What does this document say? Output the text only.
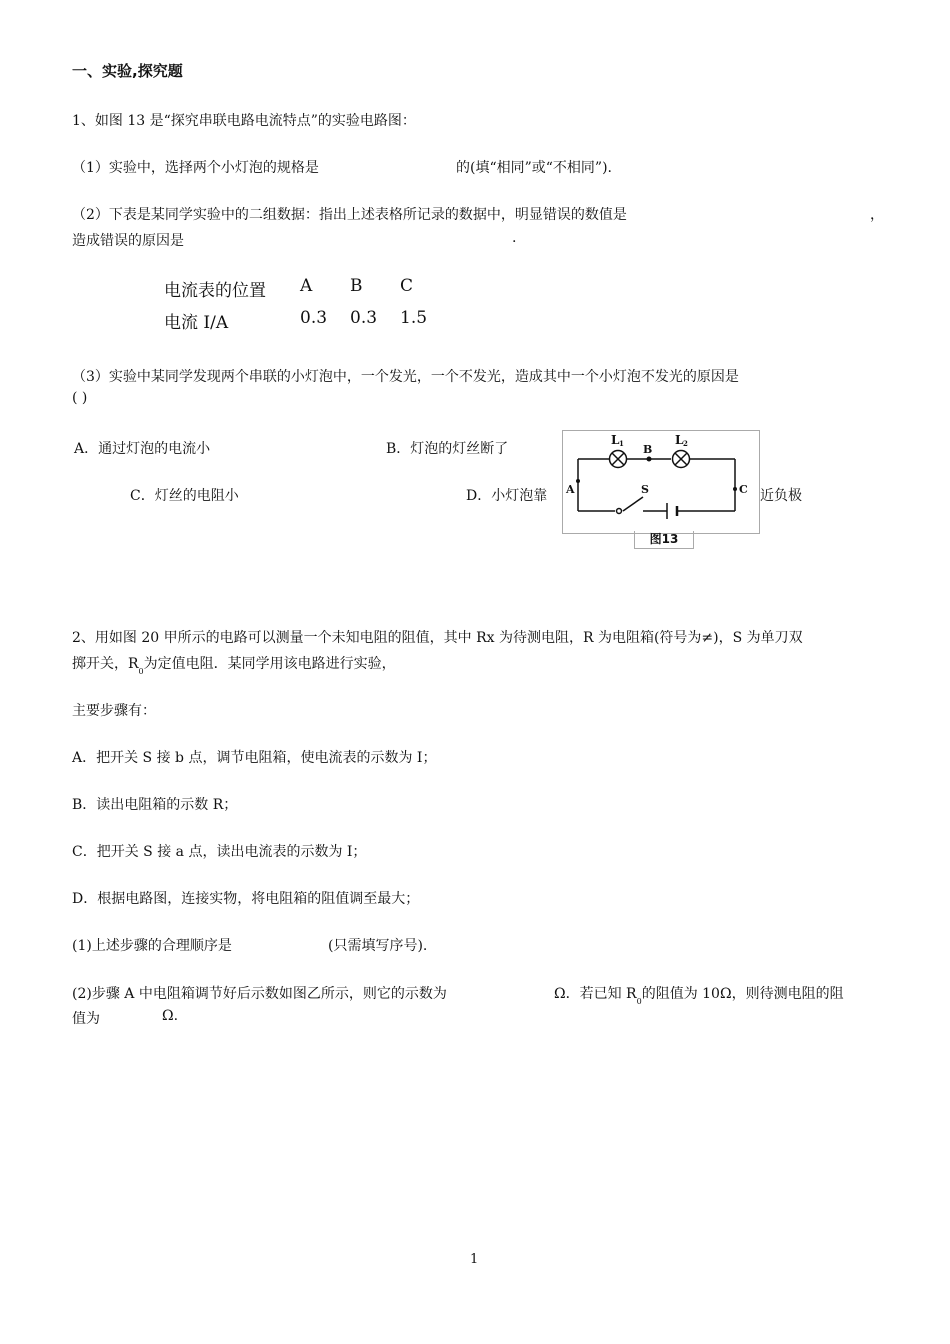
一、实验,探究题
1、如图 13 是“探究串联电路电流特点”的实验电路图：
（1）实验中，选择两个小灯泡的规格是	的(填“相同”或“不相同”).
（2）下表是某同学实验中的二组数据：指出上述表格所记录的数据中，明显错误的数值是	，
造成错误的原因是	.
电流表的位置 A B C
电流 I/A	0.3 0.3 1.5
（3）实验中某同学发现两个串联的小灯泡中，一个发光，一个不发光，造成其中一个小灯泡不发光的原因是
( )
A．通过灯泡的电流小	B．灯泡的灯丝断了
C．灯丝的电阻小	D．小灯泡靠	近负极
L 1	L 2
B
A	C
S
图13
2、用如图 20 甲所示的电路可以测量一个未知电阻的阻值，其中 Rx 为待测电阻，R 为电阻箱(符号为≠)，S 为单刀双
掷开关，$R_0$为定值电阻．某同学用该电路进行实验，
主要步骤有：
A．把开关 S 接 b 点，调节电阻箱，使电流表的示数为 I；
B．读出电阻箱的示数 R；
C．把开关 S 接 a 点，读出电流表的示数为 I；
D．根据电路图，连接实物，将电阻箱的阻值调至最大；
(1)上述步骤的合理顺序是	(只需填写序号).
(2)步骤 A 中电阻箱调节好后示数如图乙所示，则它的示数为	Ω．若已知 $R_0$的阻值为 10Ω，则待测电阻的阻
值为	Ω.
1
